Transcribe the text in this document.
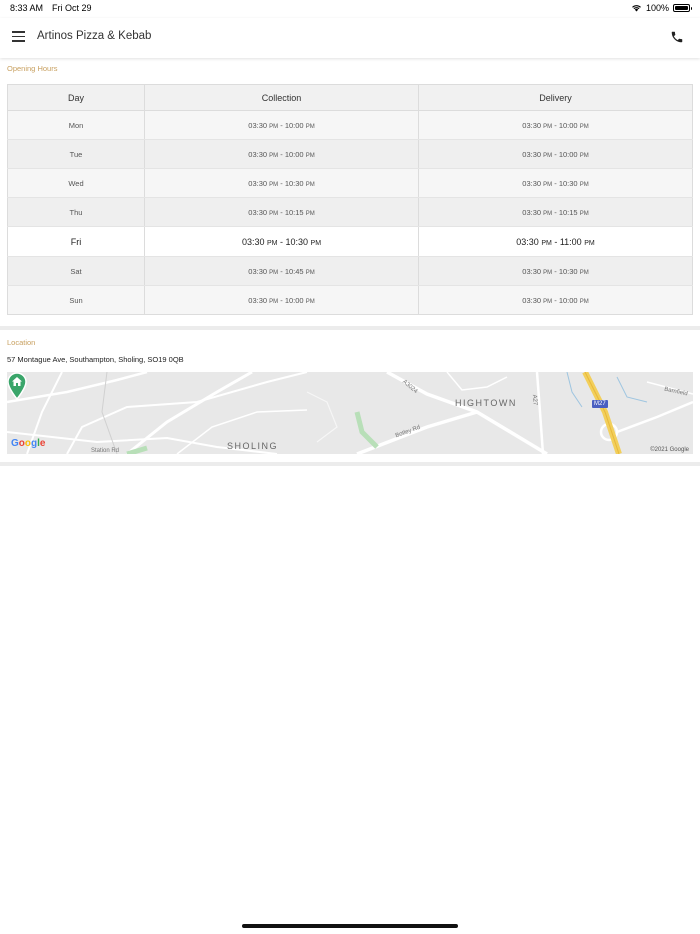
8:33 AM Fri Oct 29	100%
Artinos Pizza & Kebab
Opening Hours
Day	Collection	Delivery
Mon	03:30 PM - 10:00 PM	03:30 PM - 10:00 PM
Tue	03:30 PM - 10:00 PM	03:30 PM - 10:00 PM
Wed	03:30 PM - 10:30 PM	03:30 PM - 10:30 PM
Thu	03:30 PM - 10:15 PM	03:30 PM - 10:15 PM
Fri	03:30 PM - 10:30 PM	03:30 PM - 11:00 PM
Sat	03:30 PM - 10:45 PM	03:30 PM - 10:30 PM
Sun	03:30 PM - 10:00 PM	03:30 PM - 10:00 PM
Location
57 Montague Ave, Southampton, Sholing, SO19 0QB
HIGHTOWN
SHOLING
Barnfield
A3024
A27	M27
Botley Rd
Station Rd
Google
©2021 Google
